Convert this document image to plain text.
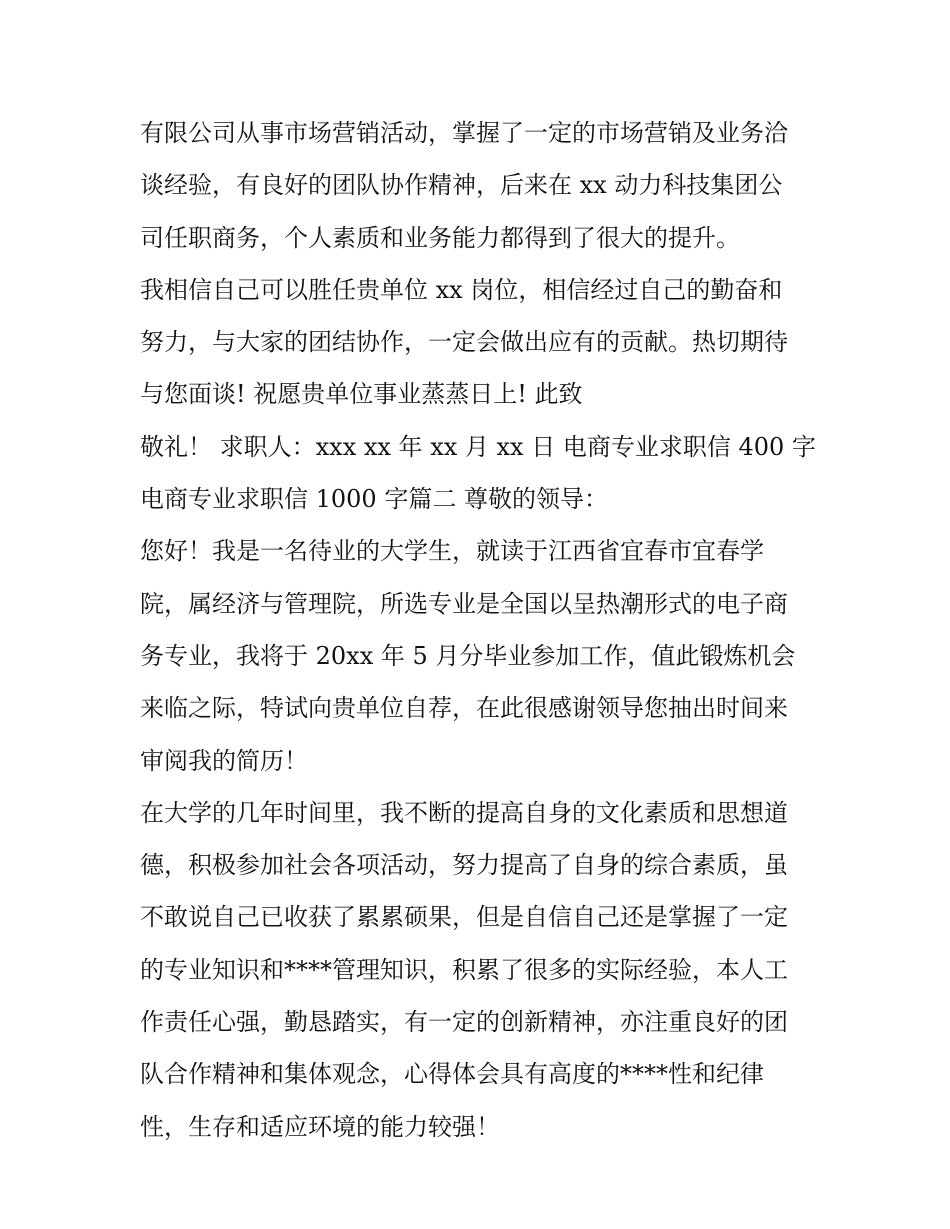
有限公司从事市场营销活动，掌握了一定的市场营销及业务洽
谈经验，有良好的团队协作精神，后来在 xx 动力科技集团公
司任职商务，个人素质和业务能力都得到了很大的提升。
我相信自己可以胜任贵单位 xx 岗位，相信经过自己的勤奋和
努力，与大家的团结协作，一定会做出应有的贡献。热切期待
与您面谈! 祝愿贵单位事业蒸蒸日上! 此致
敬礼！ 求职人：xxx xx 年 xx 月 xx 日 电商专业求职信 400 字
电商专业求职信 1000 字篇二 尊敬的领导：
您好！我是一名待业的大学生，就读于江西省宜春市宜春学
院，属经济与管理院，所选专业是全国以呈热潮形式的电子商
务专业，我将于 20xx 年 5 月分毕业参加工作，值此锻炼机会
来临之际，特试向贵单位自荐，在此很感谢领导您抽出时间来
审阅我的简历！
在大学的几年时间里，我不断的提高自身的文化素质和思想道
德，积极参加社会各项活动，努力提高了自身的综合素质，虽
不敢说自己已收获了累累硕果，但是自信自己还是掌握了一定
的专业知识和****管理知识，积累了很多的实际经验，本人工
作责任心强，勤恳踏实，有一定的创新精神，亦注重良好的团
队合作精神和集体观念，心得体会具有高度的****性和纪律
性，生存和适应环境的能力较强！
